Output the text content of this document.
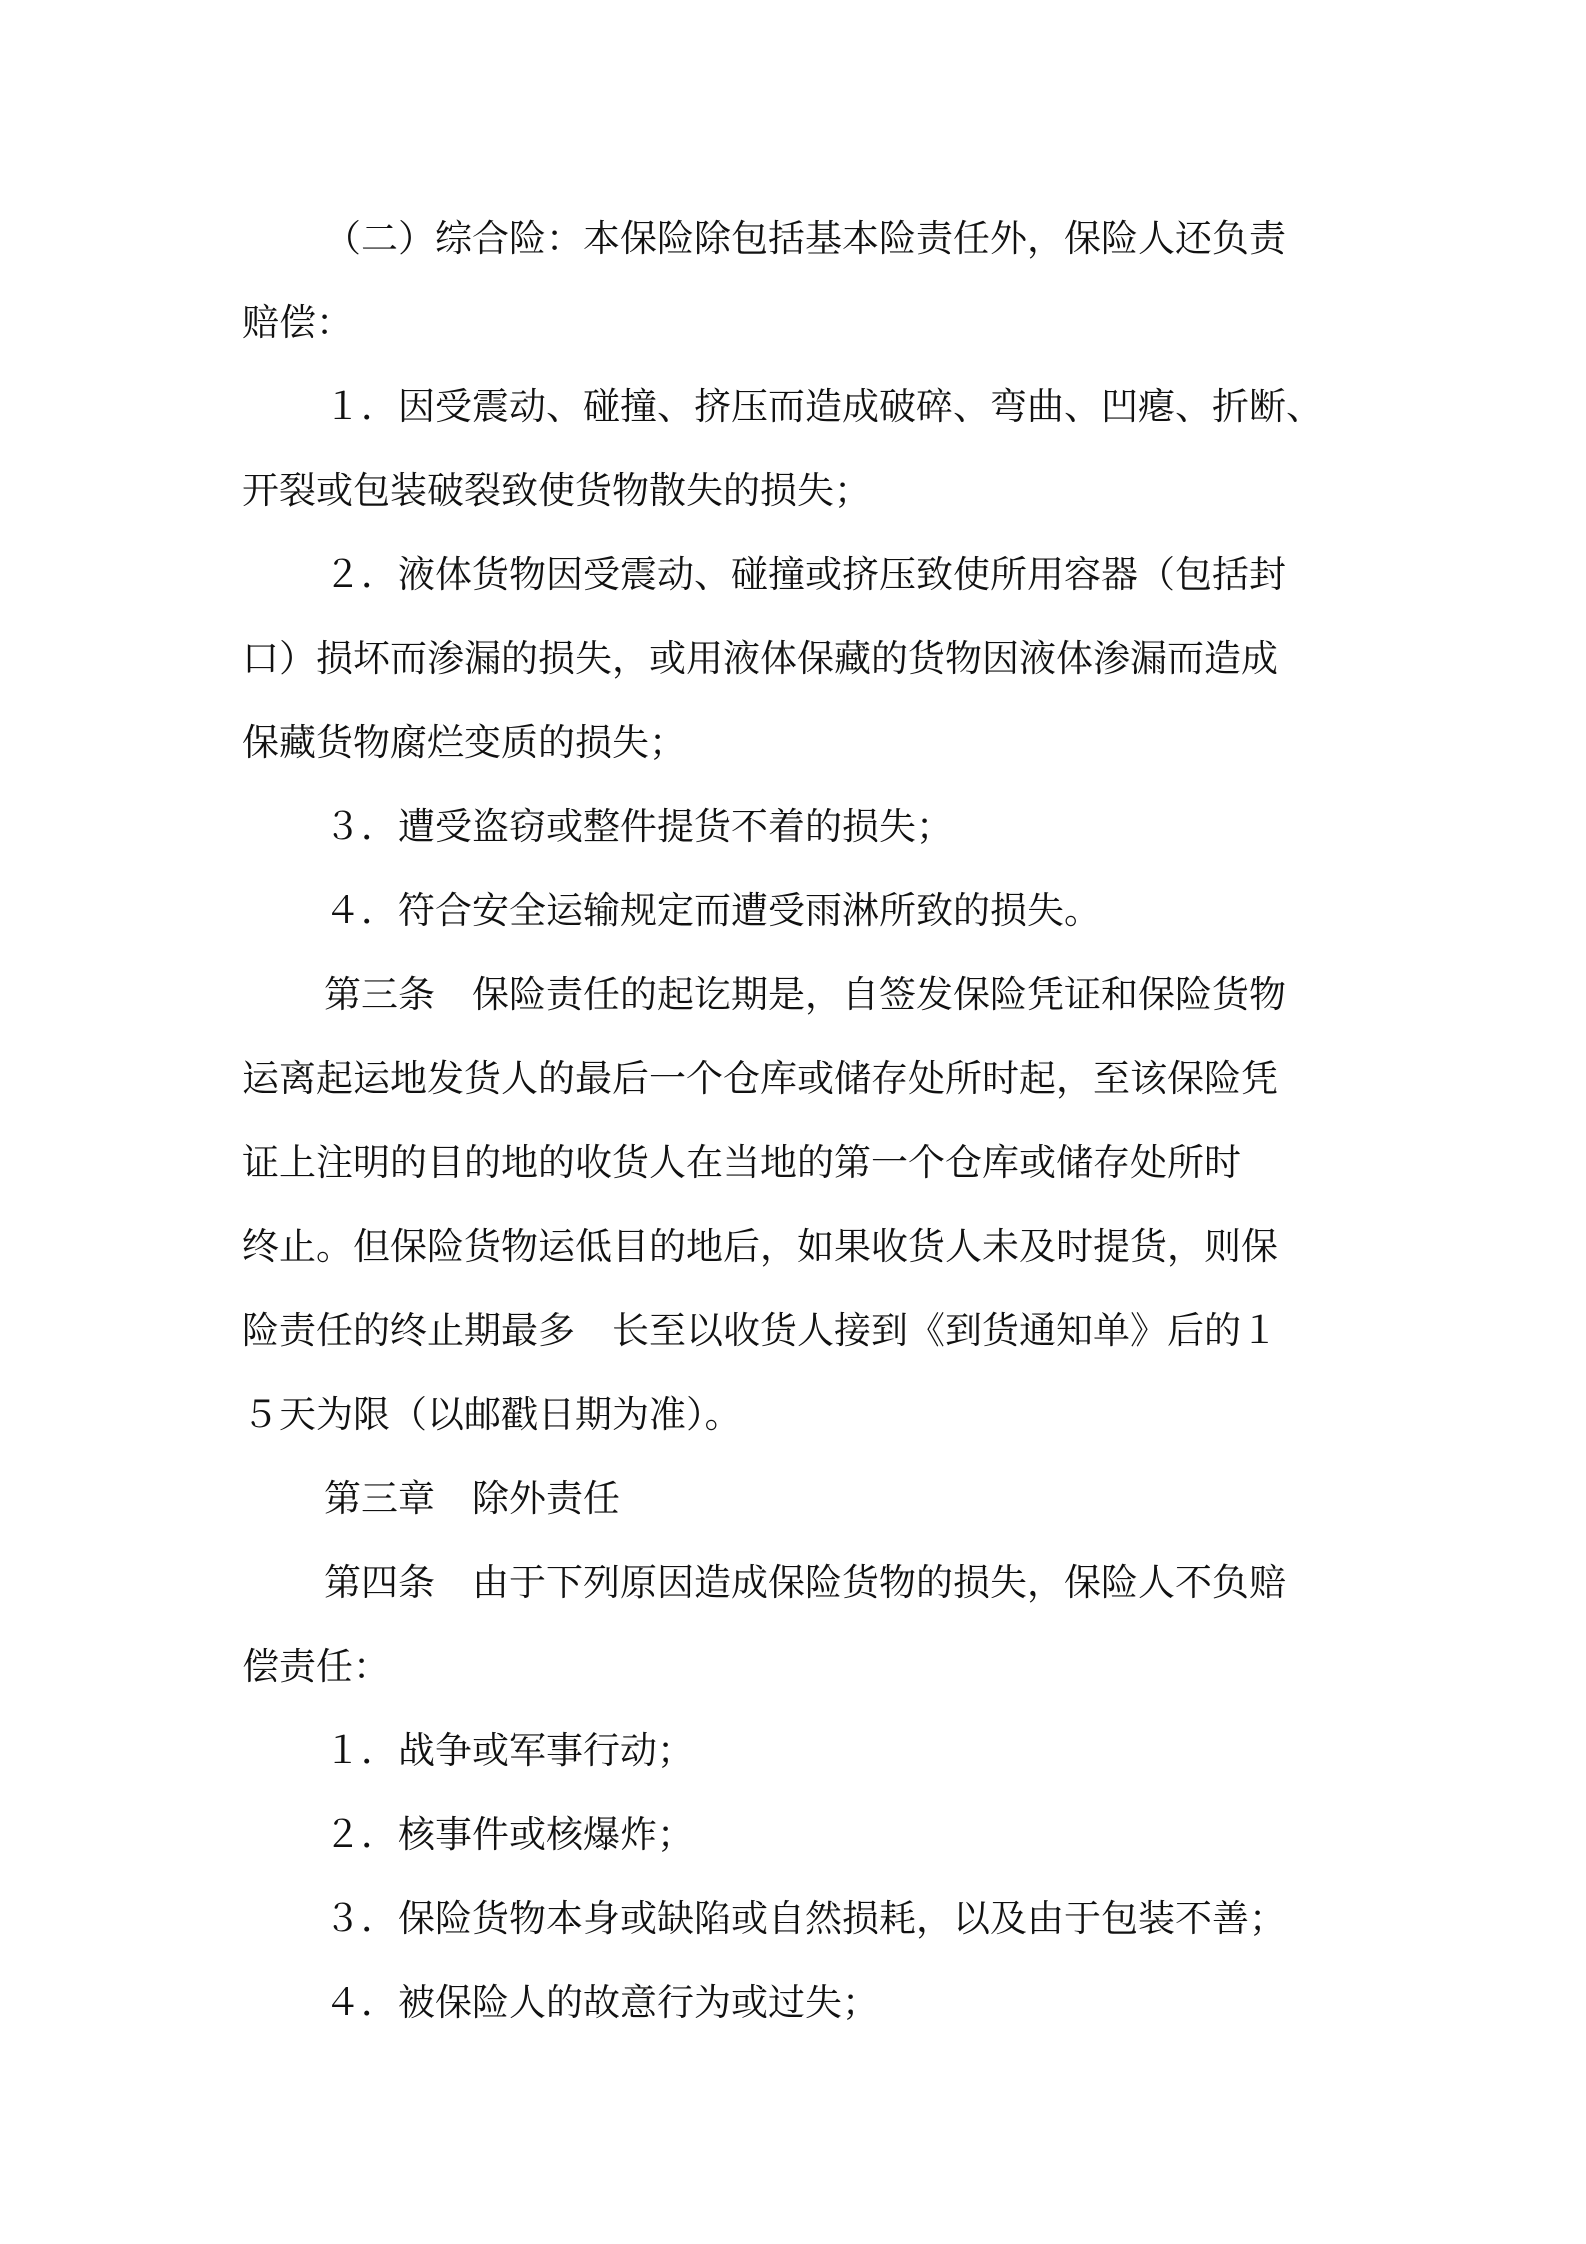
（二）综合险：本保险除包括基本险责任外，保险人还负责
赔偿：
１．因受震动、碰撞、挤压而造成破碎、弯曲、凹瘪、折断、
开裂或包装破裂致使货物散失的损失；
２．液体货物因受震动、碰撞或挤压致使所用容器（包括封
口）损坏而渗漏的损失，或用液体保藏的货物因液体渗漏而造成
保藏货物腐烂变质的损失；
３．遭受盗窃或整件提货不着的损失；
４．符合安全运输规定而遭受雨淋所致的损失。
第三条　保险责任的起讫期是，自签发保险凭证和保险货物
运离起运地发货人的最后一个仓库或储存处所时起，至该保险凭
证上注明的目的地的收货人在当地的第一个仓库或储存处所时
终止。但保险货物运低目的地后，如果收货人未及时提货，则保
险责任的终止期最多　长至以收货人接到《到货通知单》后的１
５天为限（以邮戳日期为准）。
第三章　除外责任
第四条　由于下列原因造成保险货物的损失，保险人不负赔
偿责任：
１．战争或军事行动；
２．核事件或核爆炸；
３．保险货物本身或缺陷或自然损耗，以及由于包装不善；
４．被保险人的故意行为或过失；
